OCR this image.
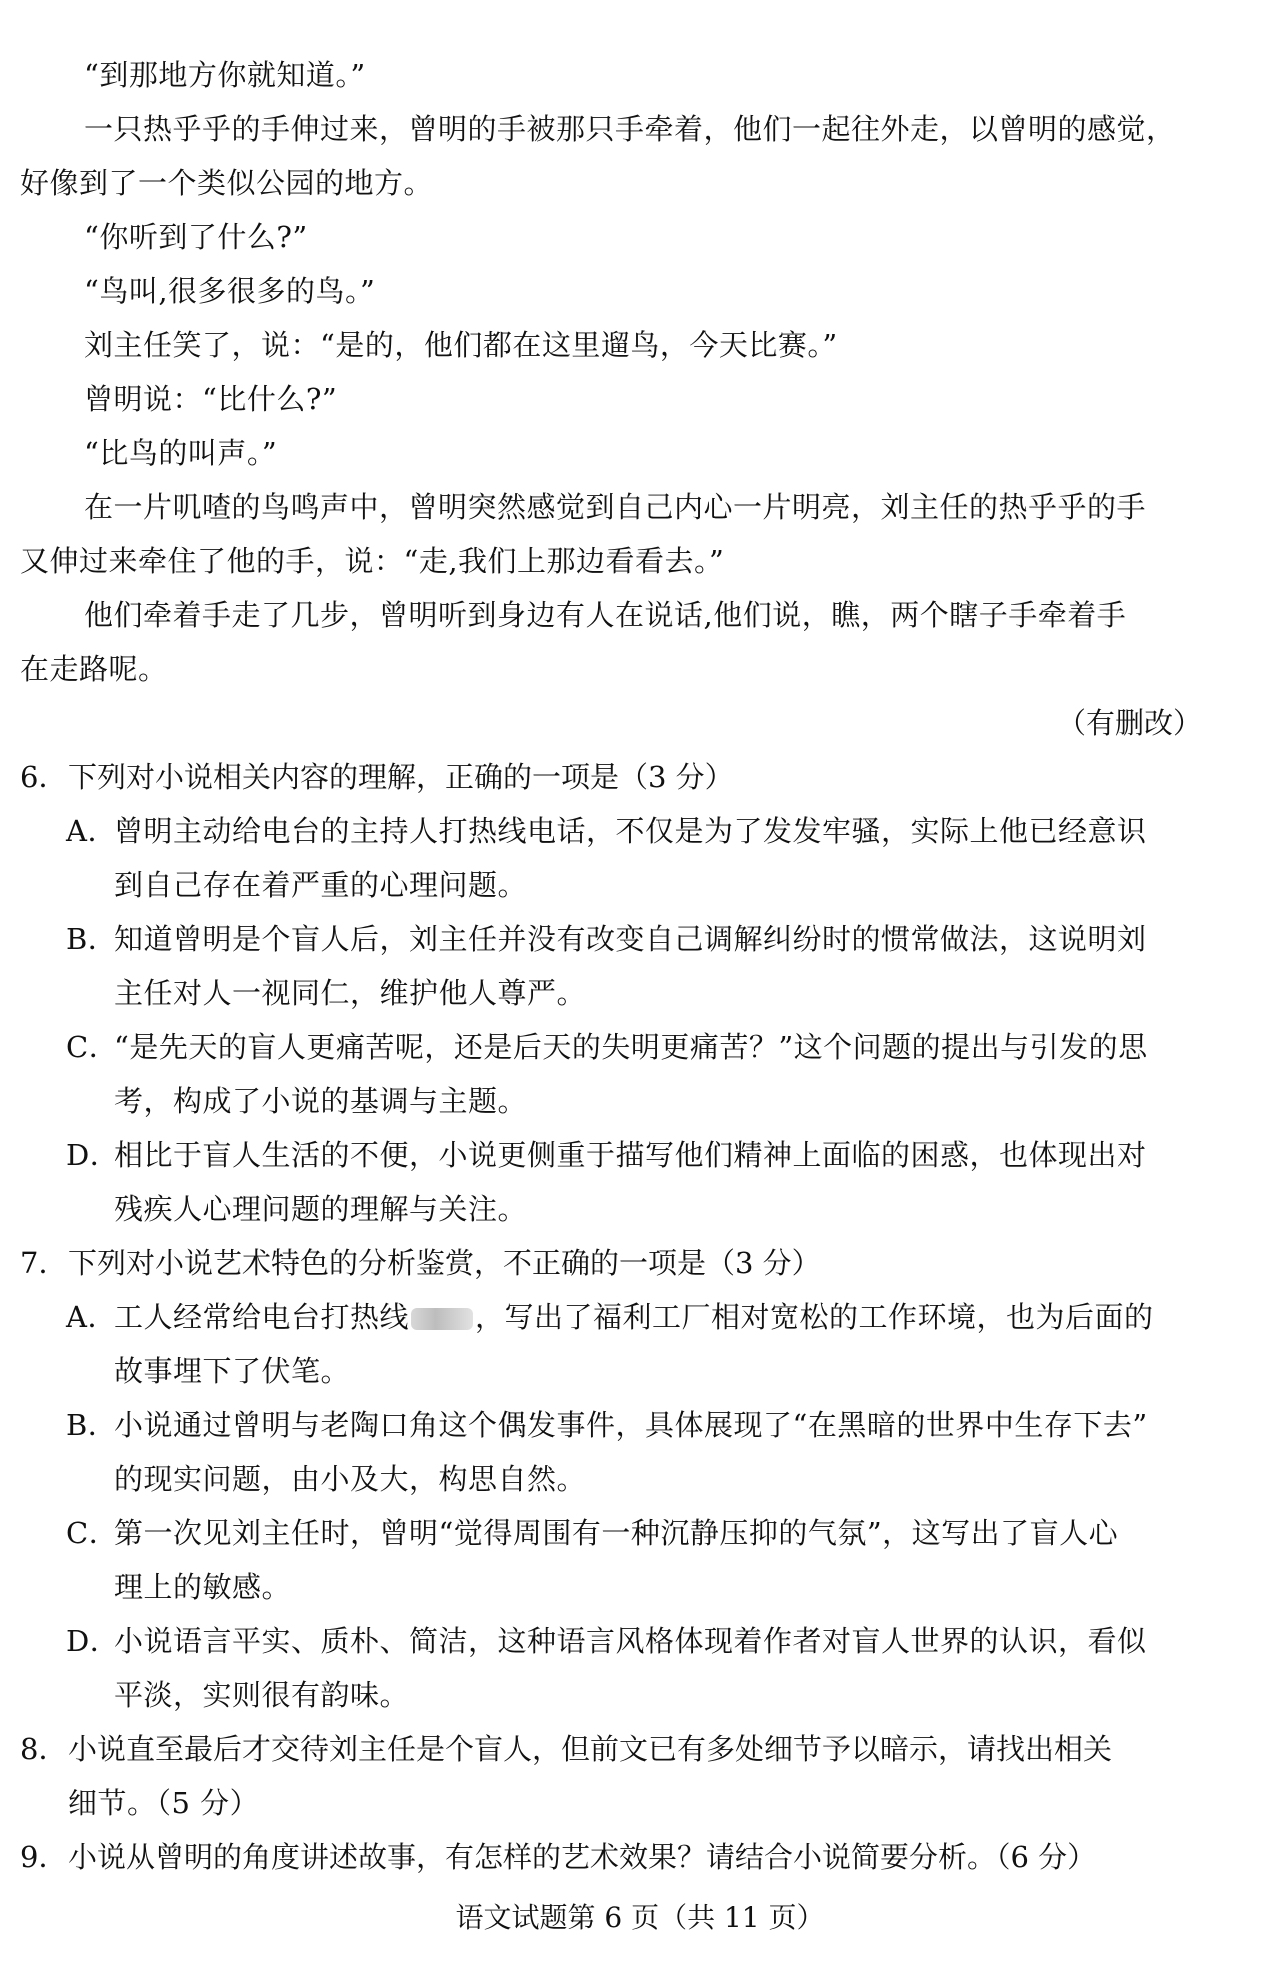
“到那地方你就知道。”
一只热乎乎的手伸过来，曾明的手被那只手牵着，他们一起往外走，以曾明的感觉，
好像到了一个类似公园的地方。
“你听到了什么?”
“鸟叫,很多很多的鸟。”
刘主任笑了，说：“是的，他们都在这里遛鸟，今天比赛。”
曾明说：“比什么?”
“比鸟的叫声。”
在一片叽喳的鸟鸣声中，曾明突然感觉到自己内心一片明亮，刘主任的热乎乎的手
又伸过来牵住了他的手，说：“走,我们上那边看看去。”
他们牵着手走了几步，曾明听到身边有人在说话,他们说，瞧，两个瞎子手牵着手
在走路呢。
（有删改）
6．下列对小说相关内容的理解，正确的一项是（3 分）
A．曾明主动给电台的主持人打热线电话，不仅是为了发发牢骚，实际上他已经意识
到自己存在着严重的心理问题。
B．知道曾明是个盲人后，刘主任并没有改变自己调解纠纷时的惯常做法，这说明刘
主任对人一视同仁，维护他人尊严。
C．“是先天的盲人更痛苦呢，还是后天的失明更痛苦？”这个问题的提出与引发的思
考，构成了小说的基调与主题。
D．相比于盲人生活的不便，小说更侧重于描写他们精神上面临的困惑，也体现出对
残疾人心理问题的理解与关注。
7．下列对小说艺术特色的分析鉴赏，不正确的一项是（3 分）
A．工人经常给电台打热线 ，写出了福利工厂相对宽松的工作环境，也为后面的
故事埋下了伏笔。
B．小说通过曾明与老陶口角这个偶发事件，具体展现了“在黑暗的世界中生存下去”
的现实问题，由小及大，构思自然。
C．第一次见刘主任时，曾明“觉得周围有一种沉静压抑的气氛”，这写出了盲人心
理上的敏感。
D．小说语言平实、质朴、简洁，这种语言风格体现着作者对盲人世界的认识，看似
平淡，实则很有韵味。
8．小说直至最后才交待刘主任是个盲人，但前文已有多处细节予以暗示，请找出相关
细节。（5 分）
9．小说从曾明的角度讲述故事，有怎样的艺术效果？请结合小说简要分析。（6 分）
语文试题第 6 页（共 11 页）
